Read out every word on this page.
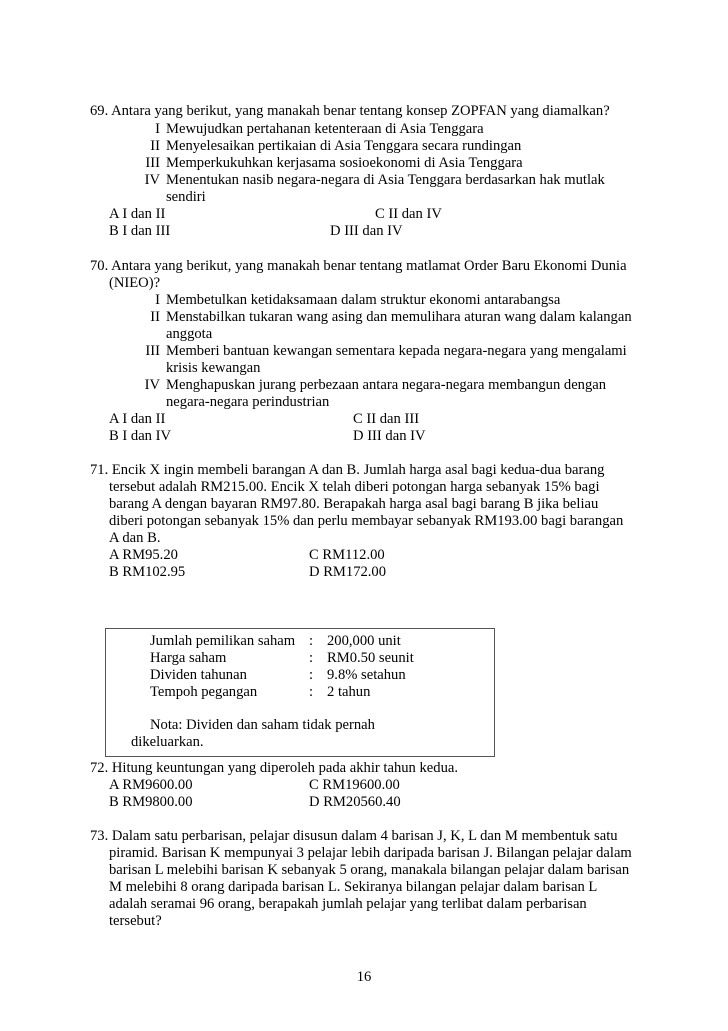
69. Antara yang berikut, yang manakah benar tentang konsep ZOPFAN yang diamalkan?
I Mewujudkan pertahanan ketenteraan di Asia Tenggara
II Menyelesaikan pertikaian di Asia Tenggara secara rundingan
III Memperkukuhkan kerjasama sosioekonomi di Asia Tenggara
IV Menentukan nasib negara-negara di Asia Tenggara berdasarkan hak mutlak
sendiri
A I dan II	C II dan IV
B I dan III	D III dan IV
70. Antara yang berikut, yang manakah benar tentang matlamat Order Baru Ekonomi Dunia
(NIEO)?
I Membetulkan ketidaksamaan dalam struktur ekonomi antarabangsa
II Menstabilkan tukaran wang asing dan memulihara aturan wang dalam kalangan
anggota
III Memberi bantuan kewangan sementara kepada negara-negara yang mengalami
krisis kewangan
IV Menghapuskan jurang perbezaan antara negara-negara membangun dengan
negara-negara perindustrian
A I dan II	C II dan III
B I dan IV	D III dan IV
71. Encik X ingin membeli barangan A dan B. Jumlah harga asal bagi kedua-dua barang
tersebut adalah RM215.00. Encik X telah diberi potongan harga sebanyak 15% bagi
barang A dengan bayaran RM97.80. Berapakah harga asal bagi barang B jika beliau
diberi potongan sebanyak 15% dan perlu membayar sebanyak RM193.00 bagi barangan
A dan B.
A RM95.20	C RM112.00
B RM102.95	D RM172.00
Jumlah pemilikan saham : 200,000 unit
Harga saham	: RM0.50 seunit
Dividen tahunan	: 9.8% setahun
Tempoh pegangan	: 2 tahun
Nota: Dividen dan saham tidak pernah
dikeluarkan.
72. Hitung keuntungan yang diperoleh pada akhir tahun kedua.
A RM9600.00	C RM19600.00
B RM9800.00	D RM20560.40
73. Dalam satu perbarisan, pelajar disusun dalam 4 barisan J, K, L dan M membentuk satu
piramid. Barisan K mempunyai 3 pelajar lebih daripada barisan J. Bilangan pelajar dalam
barisan L melebihi barisan K sebanyak 5 orang, manakala bilangan pelajar dalam barisan
M melebihi 8 orang daripada barisan L. Sekiranya bilangan pelajar dalam barisan L
adalah seramai 96 orang, berapakah jumlah pelajar yang terlibat dalam perbarisan
tersebut?
16
